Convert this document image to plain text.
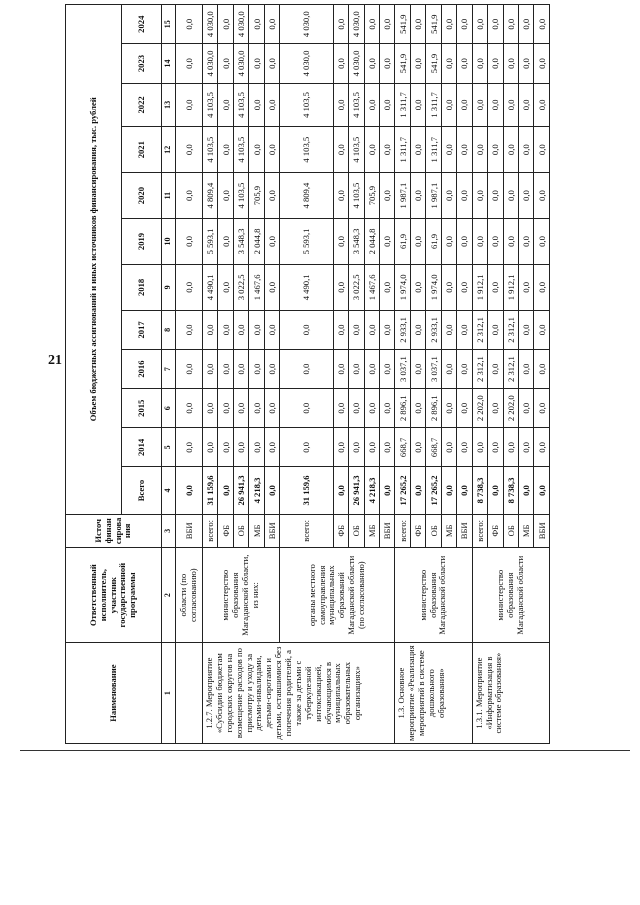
21
Наименование	Ответственный исполнитель, участник государственной программы	Источ финан сирова ния	Объем бюджетных ассигнований и иных источников финансирования, тыс. рублей											
			Всего	2014	2015	2016	2017	2018	2019	2020	2021	2022	2023	2024
1	2	3	4	5	6	7	8	9	10	11	12	13	14	15
	области (по согласованию)	ВБИ	0,0	0,0	0,0	0,0	0,0	0,0	0,0	0,0	0,0	0,0	0,0	0,0
1.2.7. Мероприятие «Субсидии бюджетам городских округов на возмещение расходов по присмотру и уходу за детьми-инвалидами, детьми-сиротами и детьми, оставшимися без попечения родителей, а также за детьми с туберкулезной интоксикацией, обучающимися в муниципальных образовательных организациях»	министерство образования Магаданской области, из них:	всего:	31 159,6	0,0	0,0	0,0	0,0	4 490,1	5 593,1	4 809,4	4 103,5	4 103,5	4 030,0	4 030,0
		ФБ	0,0	0,0	0,0	0,0	0,0	0,0	0,0	0,0	0,0	0,0	0,0	0,0
		ОБ	26 941,3	0,0	0,0	0,0	0,0	3 022,5	3 548,3	4 103,5	4 103,5	4 103,5	4 030,0	4 030,0
		МБ	4 218,3	0,0	0,0	0,0	0,0	1 467,6	2 044,8	705,9	0,0	0,0	0,0	0,0
		ВБИ	0,0	0,0	0,0	0,0	0,0	0,0	0,0	0,0	0,0	0,0	0,0	0,0
	органы местного самоуправления муниципальных образований Магаданской области (по согласованию)	всего:	31 159,6	0,0	0,0	0,0	0,0	4 490,1	5 593,1	4 809,4	4 103,5	4 103,5	4 030,0	4 030,0
		ФБ	0,0	0,0	0,0	0,0	0,0	0,0	0,0	0,0	0,0	0,0	0,0	0,0
		ОБ	26 941,3	0,0	0,0	0,0	0,0	3 022,5	3 548,3	4 103,5	4 103,5	4 103,5	4 030,0	4 030,0
		МБ	4 218,3	0,0	0,0	0,0	0,0	1 467,6	2 044,8	705,9	0,0	0,0	0,0	0,0
		ВБИ	0,0	0,0	0,0	0,0	0,0	0,0	0,0	0,0	0,0	0,0	0,0	0,0
1.3. Основное мероприятие «Реализация мероприятий в системе дошкольного образования»	министерство образования Магаданской области	всего:	17 265,2	668,7	2 896,1	3 037,1	2 933,1	1 974,0	61,9	1 987,1	1 311,7	1 311,7	541,9	541,9
		ФБ	0,0	0,0	0,0	0,0	0,0	0,0	0,0	0,0	0,0	0,0	0,0	0,0
		ОБ	17 265,2	668,7	2 896,1	3 037,1	2 933,1	1 974,0	61,9	1 987,1	1 311,7	1 311,7	541,9	541,9
		МБ	0,0	0,0	0,0	0,0	0,0	0,0	0,0	0,0	0,0	0,0	0,0	0,0
		ВБИ	0,0	0,0	0,0	0,0	0,0	0,0	0,0	0,0	0,0	0,0	0,0	0,0
1.3.1. Мероприятие «Информатизация в системе образования»	министерство образования Магаданской области	всего:	8 738,3	0,0	2 202,0	2 312,1	2 312,1	1 912,1	0,0	0,0	0,0	0,0	0,0	0,0
		ФБ	0,0	0,0	0,0	0,0	0,0	0,0	0,0	0,0	0,0	0,0	0,0	0,0
		ОБ	8 738,3	0,0	2 202,0	2 312,1	2 312,1	1 912,1	0,0	0,0	0,0	0,0	0,0	0,0
		МБ	0,0	0,0	0,0	0,0	0,0	0,0	0,0	0,0	0,0	0,0	0,0	0,0
		ВБИ	0,0	0,0	0,0	0,0	0,0	0,0	0,0	0,0	0,0	0,0	0,0	0,0
